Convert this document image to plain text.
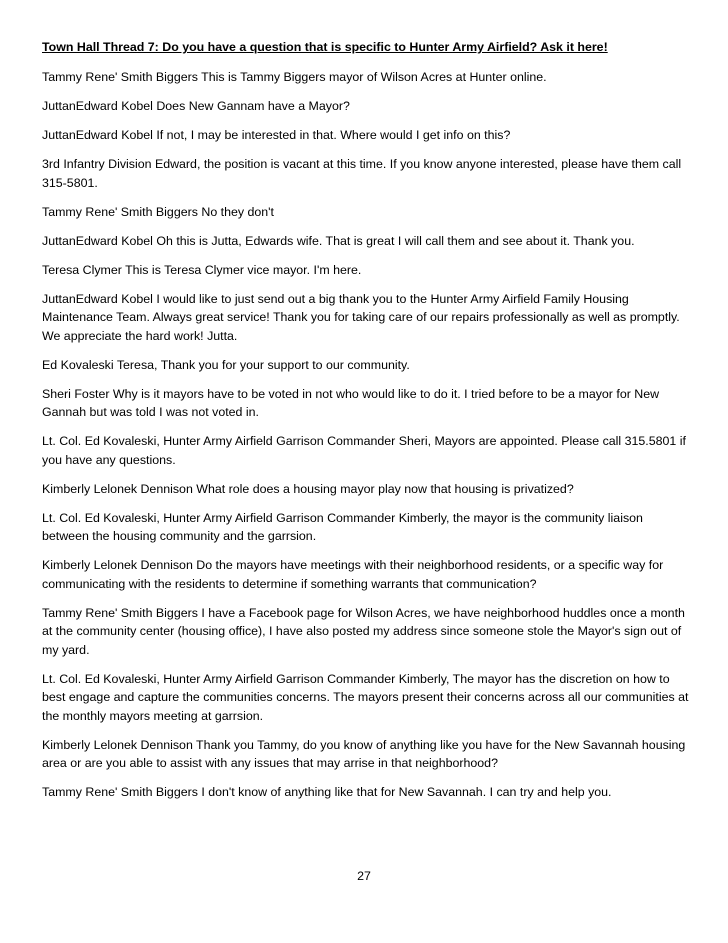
Town Hall Thread 7: Do you have a question that is specific to Hunter Army Airfield? Ask it here!
Tammy Rene' Smith Biggers This is Tammy Biggers mayor of Wilson Acres at Hunter online.
JuttanEdward Kobel Does New Gannam have a Mayor?
JuttanEdward Kobel If not, I may be interested in that. Where would I get info on this?
3rd Infantry Division Edward, the position is vacant at this time. If you know anyone interested, please have them call 315-5801.
Tammy Rene' Smith Biggers No they don't
JuttanEdward Kobel Oh this is Jutta, Edwards wife. That is great I will call them and see about it. Thank you.
Teresa Clymer This is Teresa Clymer vice mayor. I'm here.
JuttanEdward Kobel I would like to just send out a big thank you to the Hunter Army Airfield Family Housing Maintenance Team. Always great service! Thank you for taking care of our repairs professionally as well as promptly. We appreciate the hard work! Jutta.
Ed Kovaleski Teresa, Thank you for your support to our community.
Sheri Foster Why is it mayors have to be voted in not who would like to do it. I tried before to be a mayor for New Gannah but was told I was not voted in.
Lt. Col. Ed Kovaleski, Hunter Army Airfield Garrison Commander Sheri, Mayors are appointed. Please call 315.5801 if you have any questions.
Kimberly Lelonek Dennison What role does a housing mayor play now that housing is privatized?
Lt. Col. Ed Kovaleski, Hunter Army Airfield Garrison Commander Kimberly, the mayor is the community liaison between the housing community and the garrsion.
Kimberly Lelonek Dennison Do the mayors have meetings with their neighborhood residents, or a specific way for communicating with the residents to determine if something warrants that communication?
Tammy Rene' Smith Biggers I have a Facebook page for Wilson Acres, we have neighborhood huddles once a month at the community center (housing office), I have also posted my address since someone stole the Mayor's sign out of my yard.
Lt. Col. Ed Kovaleski, Hunter Army Airfield Garrison Commander Kimberly, The mayor has the discretion on how to best engage and capture the communities concerns. The mayors present their concerns across all our communities at the monthly mayors meeting at garrsion.
Kimberly Lelonek Dennison Thank you Tammy, do you know of anything like you have for the New Savannah housing area or are you able to assist with any issues that may arrise in that neighborhood?
Tammy Rene' Smith Biggers I don't know of anything like that for New Savannah. I can try and help you.
27
